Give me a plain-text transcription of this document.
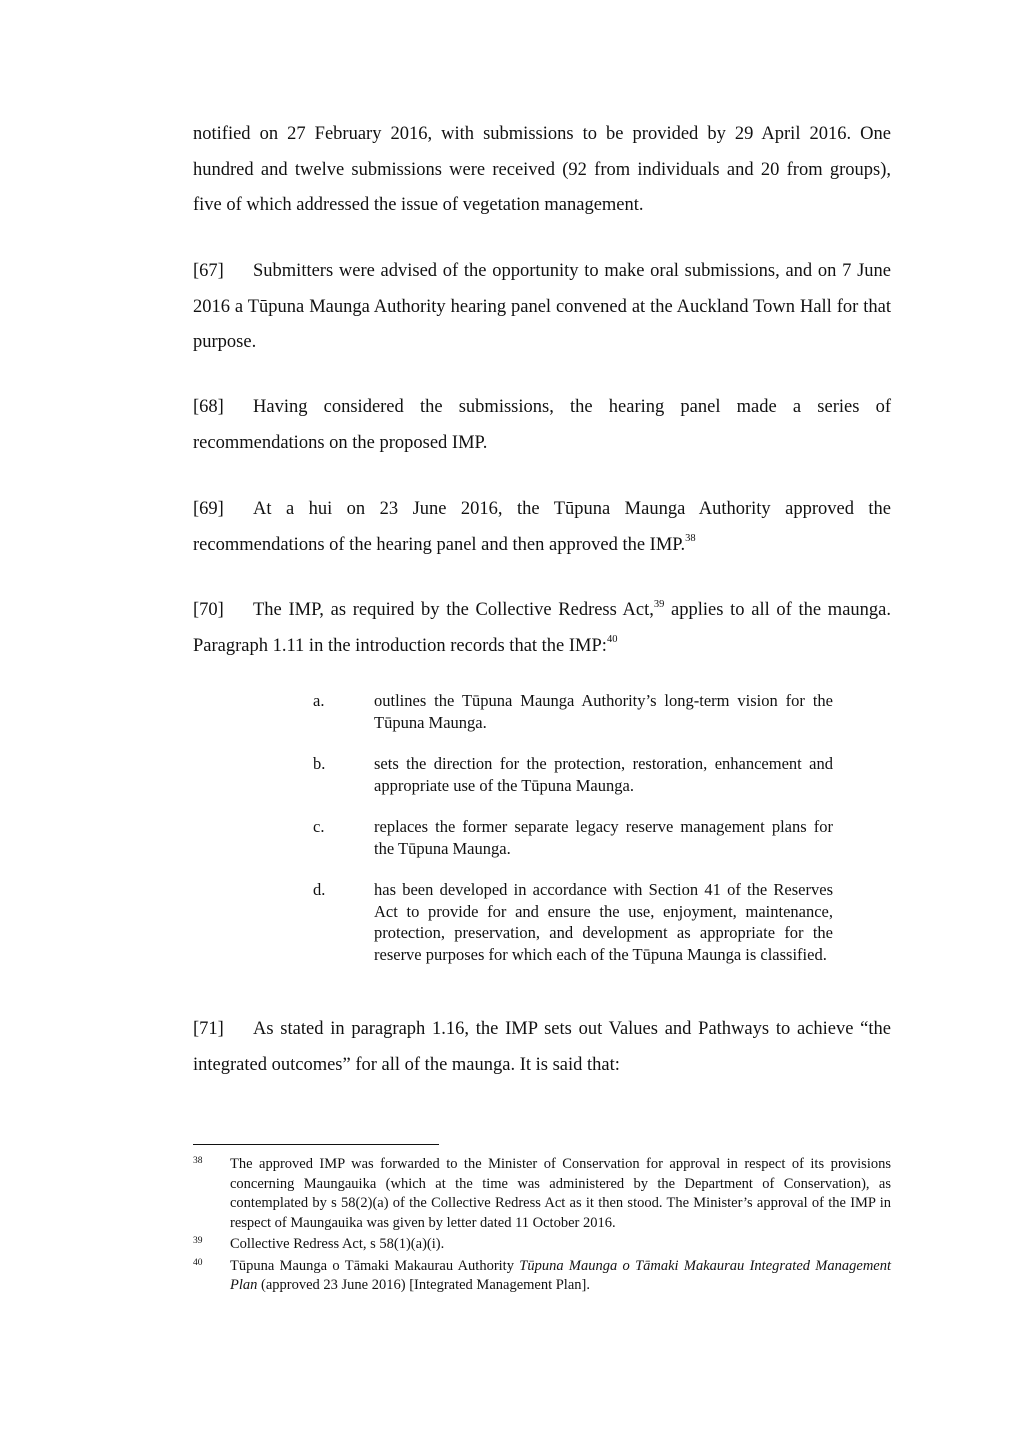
notified on 27 February 2016, with submissions to be provided by 29 April 2016. One hundred and twelve submissions were received (92 from individuals and 20 from groups), five of which addressed the issue of vegetation management.
[67] Submitters were advised of the opportunity to make oral submissions, and on 7 June 2016 a Tūpuna Maunga Authority hearing panel convened at the Auckland Town Hall for that purpose.
[68] Having considered the submissions, the hearing panel made a series of recommendations on the proposed IMP.
[69] At a hui on 23 June 2016, the Tūpuna Maunga Authority approved the recommendations of the hearing panel and then approved the IMP.$^{38}$
[70] The IMP, as required by the Collective Redress Act,$^{39}$ applies to all of the maunga. Paragraph 1.11 in the introduction records that the IMP:$^{40}$
a.	outlines the Tūpuna Maunga Authority’s long-term vision for the Tūpuna Maunga.
b.	sets the direction for the protection, restoration, enhancement and appropriate use of the Tūpuna Maunga.
c.	replaces the former separate legacy reserve management plans for the Tūpuna Maunga.
d.	has been developed in accordance with Section 41 of the Reserves Act to provide for and ensure the use, enjoyment, maintenance, protection, preservation, and development as appropriate for the reserve purposes for which each of the Tūpuna Maunga is classified.
[71] As stated in paragraph 1.16, the IMP sets out Values and Pathways to achieve “the integrated outcomes” for all of the maunga. It is said that:
38 The approved IMP was forwarded to the Minister of Conservation for approval in respect of its provisions concerning Maungauika (which at the time was administered by the Department of Conservation), as contemplated by s 58(2)(a) of the Collective Redress Act as it then stood. The Minister’s approval of the IMP in respect of Maungauika was given by letter dated 11 October 2016.
39 Collective Redress Act, s 58(1)(a)(i).
40 Tūpuna Maunga o Tāmaki Makaurau Authority Tūpuna Maunga o Tāmaki Makaurau Integrated Management Plan (approved 23 June 2016) [Integrated Management Plan].
